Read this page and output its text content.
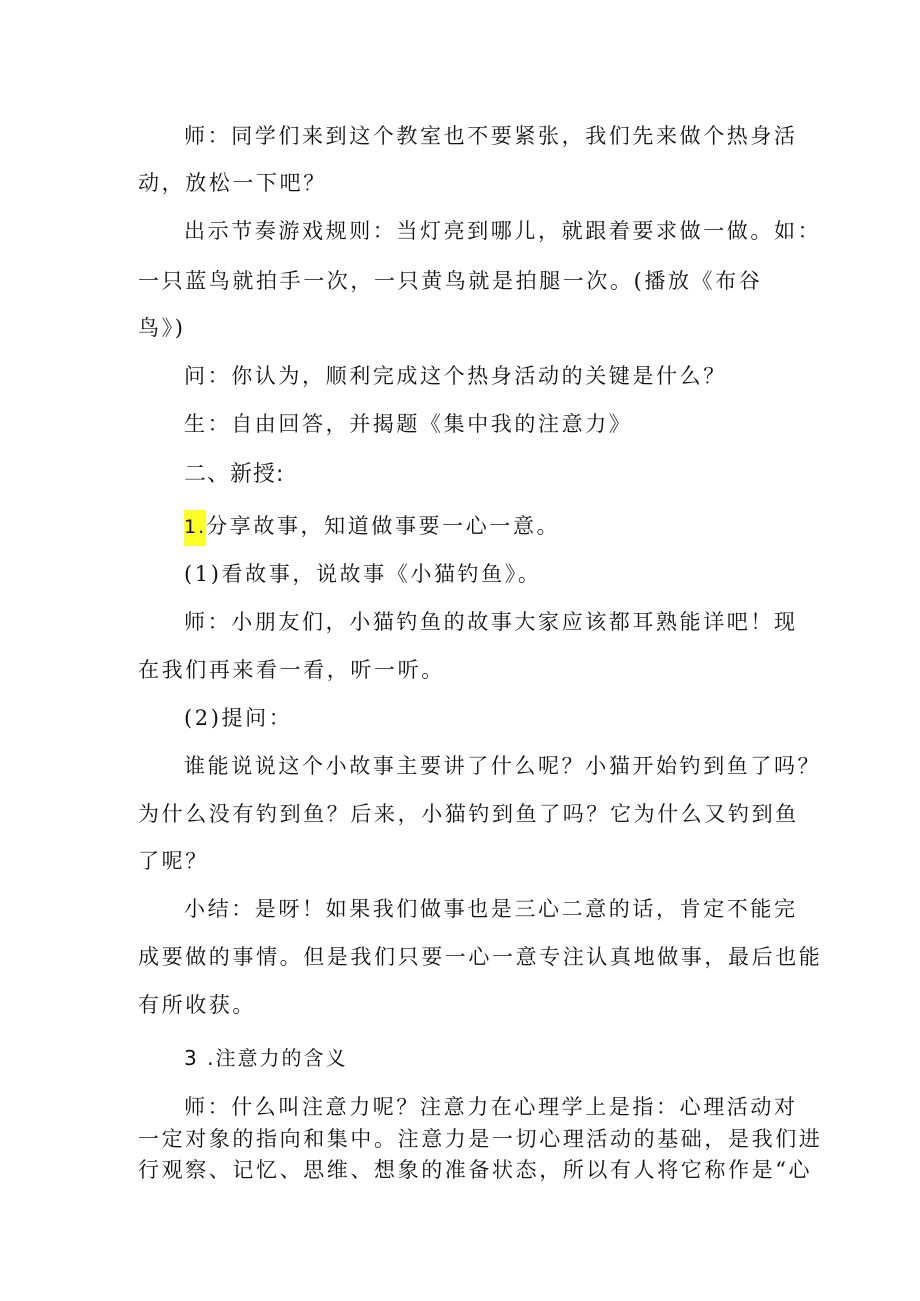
师：同学们来到这个教室也不要紧张，我们先来做个热身活
动，放松一下吧？
出示节奏游戏规则：当灯亮到哪儿，就跟着要求做一做。如：
一只蓝鸟就拍手一次，一只黄鸟就是拍腿一次。(播放《布谷
鸟》)
问：你认为，顺利完成这个热身活动的关键是什么？
生：自由回答，并揭题《集中我的注意力》
二、新授:
1.分享故事，知道做事要一心一意。
(1)看故事，说故事《小猫钓鱼》。
师：小朋友们，小猫钓鱼的故事大家应该都耳熟能详吧！现
在我们再来看一看，听一听。
(2)提问：
谁能说说这个小故事主要讲了什么呢？小猫开始钓到鱼了吗？
为什么没有钓到鱼？后来，小猫钓到鱼了吗？它为什么又钓到鱼
了呢？
小结：是呀！如果我们做事也是三心二意的话，肯定不能完
成要做的事情。但是我们只要一心一意专注认真地做事，最后也能
有所收获。
3 .注意力的含义
师：什么叫注意力呢？注意力在心理学上是指：心理活动对
一定对象的指向和集中。注意力是一切心理活动的基础，是我们进
行观察、记忆、思维、想象的准备状态，所以有人将它称作是“心
